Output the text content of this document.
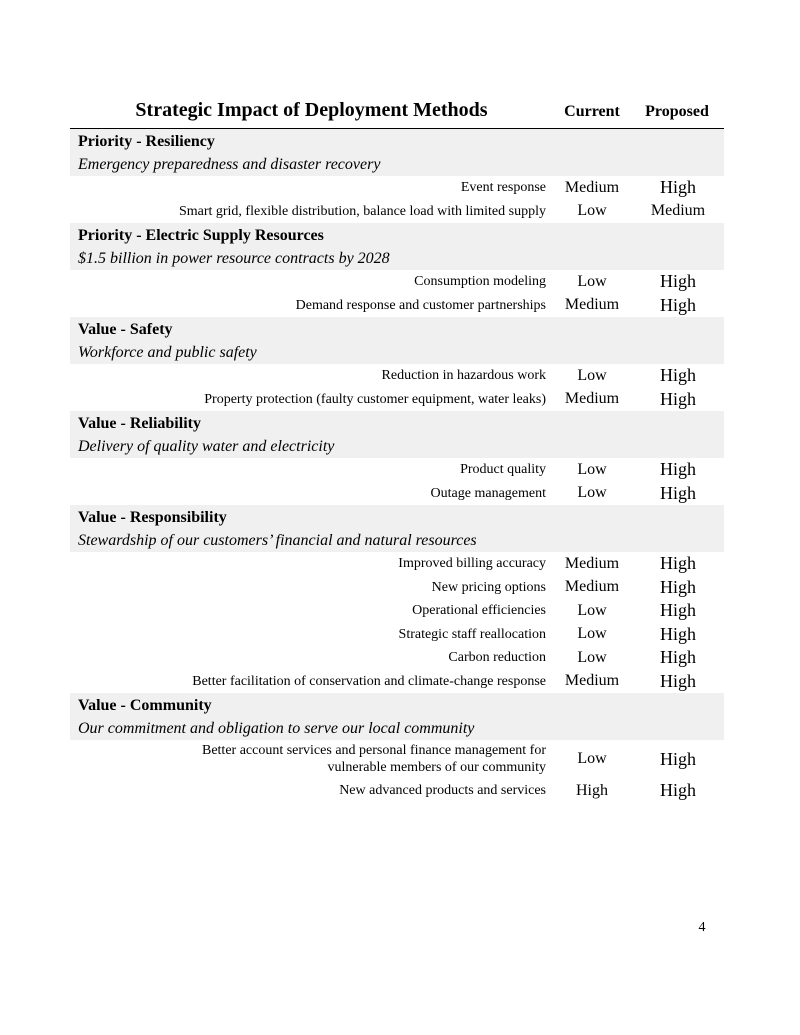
Strategic Impact of Deployment Methods	Current	Proposed
Priority - Resiliency
Emergency preparedness and disaster recovery
Event response	Medium	High
Smart grid, flexible distribution, balance load with limited supply	Low	Medium
Priority - Electric Supply Resources
$1.5 billion in power resource contracts by 2028
Consumption modeling	Low	High
Demand response and customer partnerships	Medium	High
Value - Safety
Workforce and public safety
Reduction in hazardous work	Low	High
Property protection (faulty customer equipment, water leaks)	Medium	High
Value - Reliability
Delivery of quality water and electricity
Product quality	Low	High
Outage management	Low	High
Value - Responsibility
Stewardship of our customers’ financial and natural resources
Improved billing accuracy	Medium	High
New pricing options	Medium	High
Operational efficiencies	Low	High
Strategic staff reallocation	Low	High
Carbon reduction	Low	High
Better facilitation of conservation and climate-change response	Medium	High
Value - Community
Our commitment and obligation to serve our local community
Better account services and personal finance management for
vulnerable members of our community
Low	High
New advanced products and services	High	High
4
